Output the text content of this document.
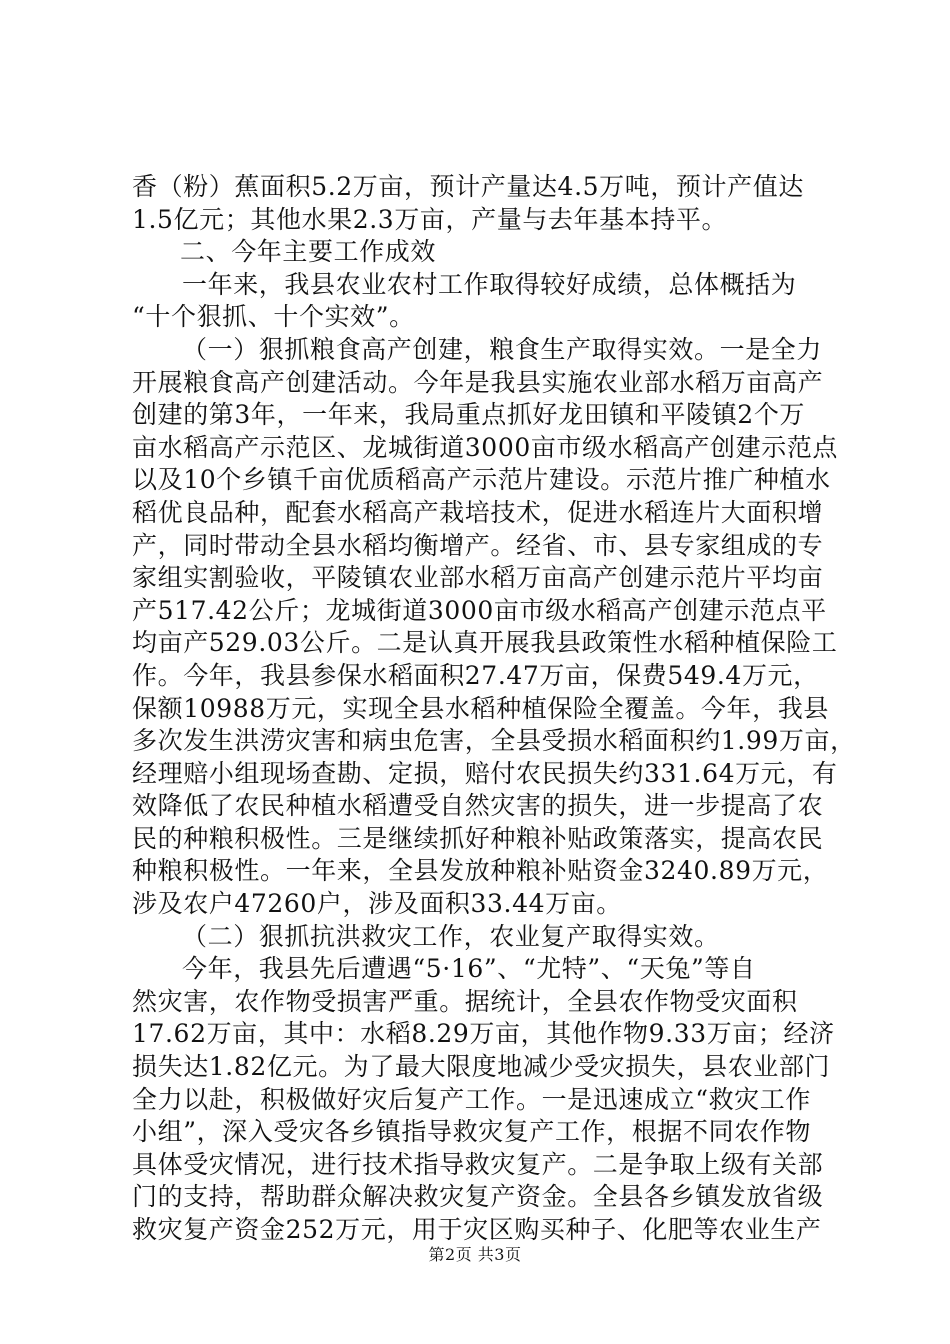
香（粉）蕉面积5.2万亩，预计产量达4.5万吨，预计产值达
1.5亿元；其他水果2.3万亩，产量与去年基本持平。
二、今年主要工作成效
一年来，我县农业农村工作取得较好成绩，总体概括为
“十个狠抓、十个实效”。
（一）狠抓粮食高产创建，粮食生产取得实效。一是全力
开展粮食高产创建活动。今年是我县实施农业部水稻万亩高产
创建的第3年，一年来，我局重点抓好龙田镇和平陵镇2个万
亩水稻高产示范区、龙城街道3000亩市级水稻高产创建示范点
以及10个乡镇千亩优质稻高产示范片建设。示范片推广种植水
稻优良品种，配套水稻高产栽培技术，促进水稻连片大面积增
产，同时带动全县水稻均衡增产。经省、市、县专家组成的专
家组实割验收，平陵镇农业部水稻万亩高产创建示范片平均亩
产517.42公斤；龙城街道3000亩市级水稻高产创建示范点平
均亩产529.03公斤。二是认真开展我县政策性水稻种植保险工
作。今年，我县参保水稻面积27.47万亩，保费549.4万元，
保额10988万元，实现全县水稻种植保险全覆盖。今年，我县
多次发生洪涝灾害和病虫危害，全县受损水稻面积约1.99万亩，
经理赔小组现场查勘、定损，赔付农民损失约331.64万元，有
效降低了农民种植水稻遭受自然灾害的损失，进一步提高了农
民的种粮积极性。三是继续抓好种粮补贴政策落实，提高农民
种粮积极性。一年来，全县发放种粮补贴资金3240.89万元，
涉及农户47260户，涉及面积33.44万亩。
（二）狠抓抗洪救灾工作，农业复产取得实效。
今年，我县先后遭遇“5·16”、“尤特”、“天兔”等自
然灾害，农作物受损害严重。据统计，全县农作物受灾面积
17.62万亩，其中：水稻8.29万亩，其他作物9.33万亩；经济
损失达1.82亿元。为了最大限度地减少受灾损失，县农业部门
全力以赴，积极做好灾后复产工作。一是迅速成立“救灾工作
小组”，深入受灾各乡镇指导救灾复产工作，根据不同农作物
具体受灾情况，进行技术指导救灾复产。二是争取上级有关部
门的支持，帮助群众解决救灾复产资金。全县各乡镇发放省级
救灾复产资金252万元，用于灾区购买种子、化肥等农业生产
第2页 共3页
